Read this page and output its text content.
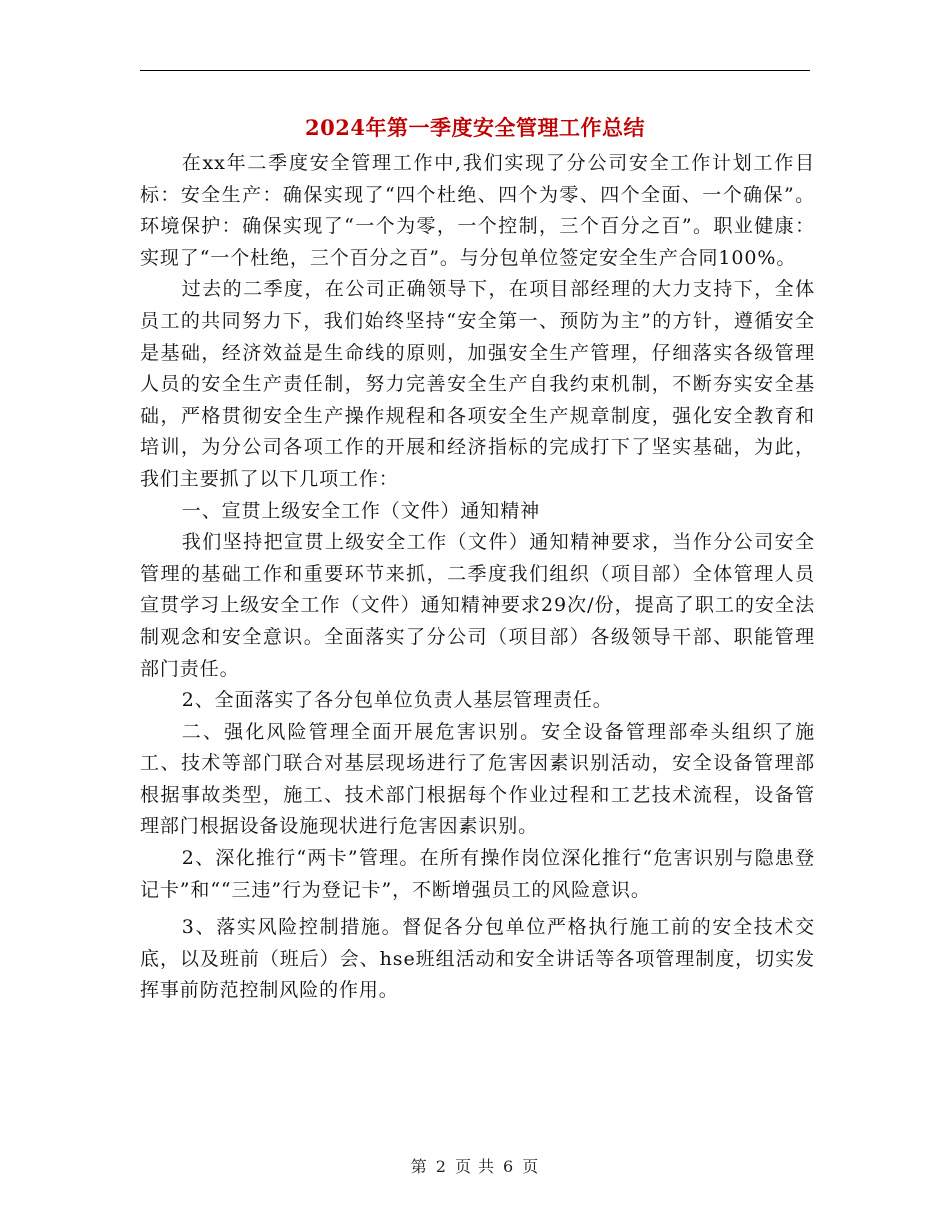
2024年第一季度安全管理工作总结

在xx年二季度安全管理工作中,我们实现了分公司安全工作计划工作目标：安全生产：确保实现了“四个杜绝、四个为零、四个全面、一个确保”。环境保护：确保实现了“一个为零，一个控制，三个百分之百”。职业健康：实现了“一个杜绝，三个百分之百”。与分包单位签定安全生产合同100%。

过去的二季度，在公司正确领导下，在项目部经理的大力支持下，全体员工的共同努力下，我们始终坚持“安全第一、预防为主”的方针，遵循安全是基础，经济效益是生命线的原则，加强安全生产管理，仔细落实各级管理人员的安全生产责任制，努力完善安全生产自我约束机制，不断夯实安全基础，严格贯彻安全生产操作规程和各项安全生产规章制度，强化安全教育和培训，为分公司各项工作的开展和经济指标的完成打下了坚实基础，为此，我们主要抓了以下几项工作：

一、宣贯上级安全工作（文件）通知精神

我们坚持把宣贯上级安全工作（文件）通知精神要求，当作分公司安全管理的基础工作和重要环节来抓，二季度我们组织（项目部）全体管理人员宣贯学习上级安全工作（文件）通知精神要求29次/份，提高了职工的安全法制观念和安全意识。全面落实了分公司（项目部）各级领导干部、职能管理部门责任。

2、全面落实了各分包单位负责人基层管理责任。

二、强化风险管理全面开展危害识别。安全设备管理部牵头组织了施工、技术等部门联合对基层现场进行了危害因素识别活动，安全设备管理部根据事故类型，施工、技术部门根据每个作业过程和工艺技术流程，设备管理部门根据设备设施现状进行危害因素识别。

2、深化推行“两卡”管理。在所有操作岗位深化推行“危害识别与隐患登记卡”和““三违”行为登记卡”，不断增强员工的风险意识。

3、落实风险控制措施。督促各分包单位严格执行施工前的安全技术交底，以及班前（班后）会、hse班组活动和安全讲话等各项管理制度，切实发挥事前防范控制风险的作用。

第 2 页 共 6 页
